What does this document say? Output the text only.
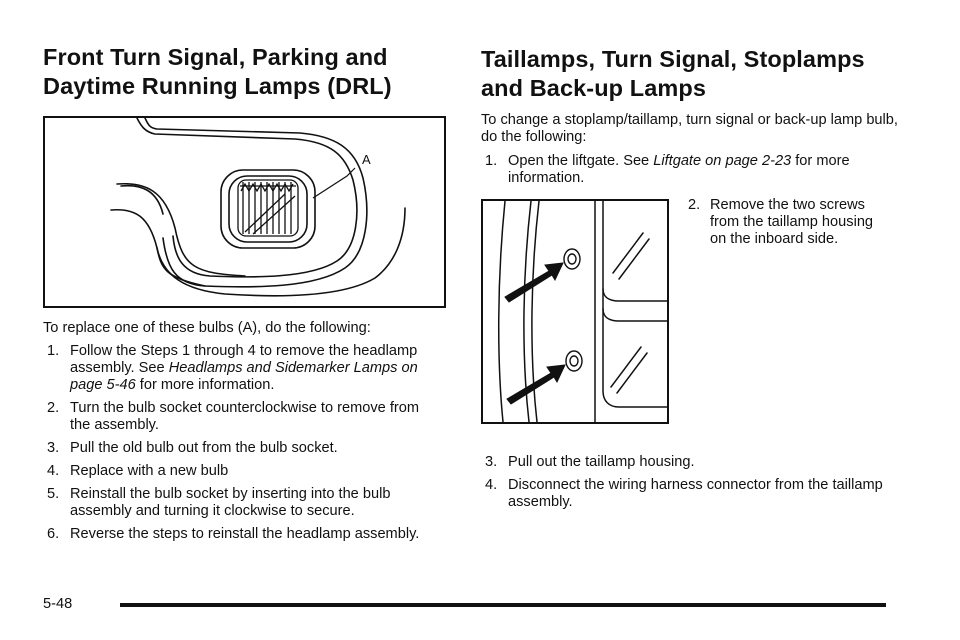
Front Turn Signal, Parking and
Daytime Running Lamps (DRL)
A

To replace one of these bulbs (A), do the following:

1. Follow the Steps 1 through 4 to remove the headlamp assembly. See Headlamps and Sidemarker Lamps on page 5-46 for more information.
2. Turn the bulb socket counterclockwise to remove from the assembly.
3. Pull the old bulb out from the bulb socket.
4. Replace with a new bulb
5. Reinstall the bulb socket by inserting into the bulb assembly and turning it clockwise to secure.
6. Reverse the steps to reinstall the headlamp assembly.
Taillamps, Turn Signal, Stoplamps
and Back-up Lamps

To change a stoplamp/taillamp, turn signal or back-up lamp bulb, do the following:

1. Open the liftgate. See Liftgate on page 2-23 for more information.
2. Remove the two screws from the taillamp housing on the inboard side.
3. Pull out the taillamp housing.
4. Disconnect the wiring harness connector from the taillamp assembly.
5-48
